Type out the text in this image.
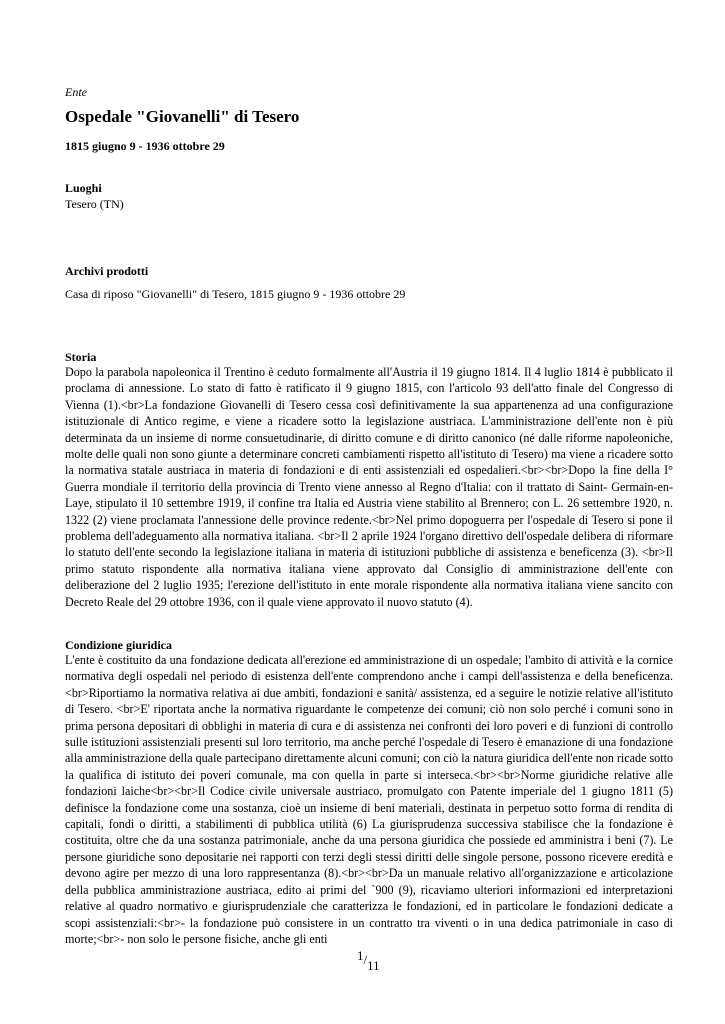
Ente
Ospedale "Giovanelli" di Tesero
1815 giugno 9 - 1936 ottobre 29
Luoghi
Tesero (TN)
Archivi prodotti
Casa di riposo "Giovanelli" di Tesero, 1815 giugno 9 - 1936 ottobre 29
Storia

Dopo la parabola napoleonica il Trentino è ceduto formalmente all'Austria il 19 giugno 1814. Il 4 luglio 1814 è pubblicato il proclama di annessione. Lo stato di fatto è ratificato il 9 giugno 1815, con l'articolo 93 dell'atto finale del Congresso di Vienna (1).<br>La fondazione Giovanelli di Tesero cessa così definitivamente la sua appartenenza ad una configurazione istituzionale di Antico regime, e viene a ricadere sotto la legislazione austriaca. L'amministrazione dell'ente non è più determinata da un insieme di norme consuetudinarie, di diritto comune e di diritto canonico (né dalle riforme napoleoniche, molte delle quali non sono giunte a determinare concreti cambiamenti rispetto all'istituto di Tesero) ma viene a ricadere sotto la normativa statale austriaca in materia di fondazioni e di enti assistenziali ed ospedalieri.<br><br>Dopo la fine della I° Guerra mondiale il territorio della provincia di Trento viene annesso al Regno d'Italia: con il trattato di Saint- Germain-en- Laye, stipulato il 10 settembre 1919, il confine tra Italia ed Austria viene stabilito al Brennero; con L. 26 settembre 1920, n. 1322 (2) viene proclamata l'annessione delle province redente.<br>Nel primo dopoguerra per l'ospedale di Tesero si pone il problema dell'adeguamento alla normativa italiana. <br>Il 2 aprile 1924 l'organo direttivo dell'ospedale delibera di riformare lo statuto dell'ente secondo la legislazione italiana in materia di istituzioni pubbliche di assistenza e beneficenza (3). <br>Il primo statuto rispondente alla normativa italiana viene approvato dal Consiglio di amministrazione dell'ente con deliberazione del 2 luglio 1935; l'erezione dell'istituto in ente morale rispondente alla normativa italiana viene sancito con Decreto Reale del 29 ottobre 1936, con il quale viene approvato il nuovo statuto (4).

Condizione giuridica

L'ente è costituito da una fondazione dedicata all'erezione ed amministrazione di un ospedale; l'ambito di attività e la cornice normativa degli ospedali nel periodo di esistenza dell'ente comprendono anche i campi dell'assistenza e della beneficenza. <br>Riportiamo la normativa relativa ai due ambiti, fondazioni e sanità/ assistenza, ed a seguire le notizie relative all'istituto di Tesero. <br>E' riportata anche la normativa riguardante le competenze dei comuni; ciò non solo perché i comuni sono in prima persona depositari di obblighi in materia di cura e di assistenza nei confronti dei loro poveri e di funzioni di controllo sulle istituzioni assistenziali presenti sul loro territorio, ma anche perché l'ospedale di Tesero è emanazione di una fondazione alla amministrazione della quale partecipano direttamente alcuni comuni; con ciò la natura giuridica dell'ente non ricade sotto la qualifica di istituto dei poveri comunale, ma con quella in parte si interseca.<br><br>Norme giuridiche relative alle fondazioni laiche<br><br>Il Codice civile universale austriaco, promulgato con Patente imperiale del 1 giugno 1811 (5) definisce la fondazione come una sostanza, cioè un insieme di beni materiali, destinata in perpetuo sotto forma di rendita di capitali, fondi o diritti, a stabilimenti di pubblica utilità (6) La giurisprudenza successiva stabilisce che la fondazione è costituita, oltre che da una sostanza patrimoniale, anche da una persona giuridica che possiede ed amministra i beni (7). Le persone giuridiche sono depositarie nei rapporti con terzi degli stessi diritti delle singole persone, possono ricevere eredità e devono agire per mezzo di una loro rappresentanza (8).<br><br>Da un manuale relativo all'organizzazione e articolazione della pubblica amministrazione austriaca, edito ai primi del `900 (9), ricaviamo ulteriori informazioni ed interpretazioni relative al quadro normativo e giurisprudenziale che caratterizza le fondazioni, ed in particolare le fondazioni dedicate a scopi assistenziali:<br>- la fondazione può consistere in un contratto tra viventi o in una dedica patrimoniale in caso di morte;<br>- non solo le persone fisiche, anche gli enti

1/11
